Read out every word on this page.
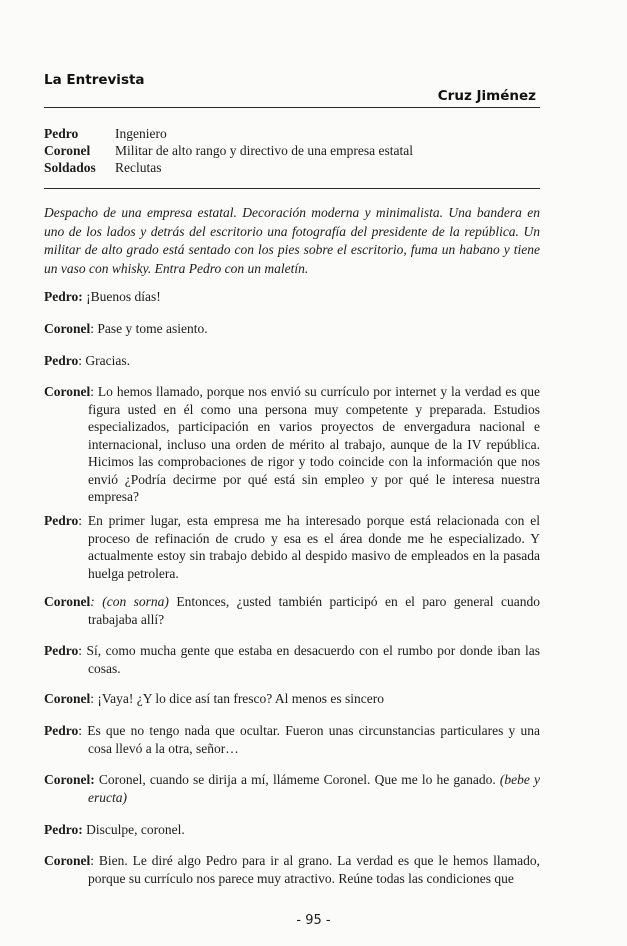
La Entrevista
Cruz Jiménez
Pedro	Ingeniero
Coronel	Militar de alto rango y directivo de una empresa estatal
Soldados	Reclutas
Despacho de una empresa estatal. Decoración moderna y minimalista. Una bandera en uno de los lados y detrás del escritorio una fotografía del presidente de la república. Un militar de alto grado está sentado con los pies sobre el escritorio, fuma un habano y tiene un vaso con whisky. Entra Pedro con un maletín.
Pedro: ¡Buenos días!
Coronel: Pase y tome asiento.
Pedro: Gracias.
Coronel: Lo hemos llamado, porque nos envió su currículo por internet y la verdad es que figura usted en él como una persona muy competente y preparada. Estudios especializados, participación en varios proyectos de envergadura nacional e internacional, incluso una orden de mérito al trabajo, aunque de la IV república. Hicimos las comprobaciones de rigor y todo coincide con la información que nos envió ¿Podría decirme por qué está sin empleo y por qué le interesa nuestra empresa?
Pedro: En primer lugar, esta empresa me ha interesado porque está relacionada con el proceso de refinación de crudo y esa es el área donde me he especializado. Y actualmente estoy sin trabajo debido al despido masivo de empleados en la pasada huelga petrolera.
Coronel: (con sorna) Entonces, ¿usted también participó en el paro general cuando trabajaba allí?
Pedro: Sí, como mucha gente que estaba en desacuerdo con el rumbo por donde iban las cosas.
Coronel: ¡Vaya! ¿Y lo dice así tan fresco? Al menos es sincero
Pedro: Es que no tengo nada que ocultar. Fueron unas circunstancias particulares y una cosa llevó a la otra, señor…
Coronel: Coronel, cuando se dirija a mí, llámeme Coronel. Que me lo he ganado. (bebe y eructa)
Pedro: Disculpe, coronel.
Coronel: Bien. Le diré algo Pedro para ir al grano. La verdad es que le hemos llamado, porque su currículo nos parece muy atractivo. Reúne todas las condiciones que
- 95 -
